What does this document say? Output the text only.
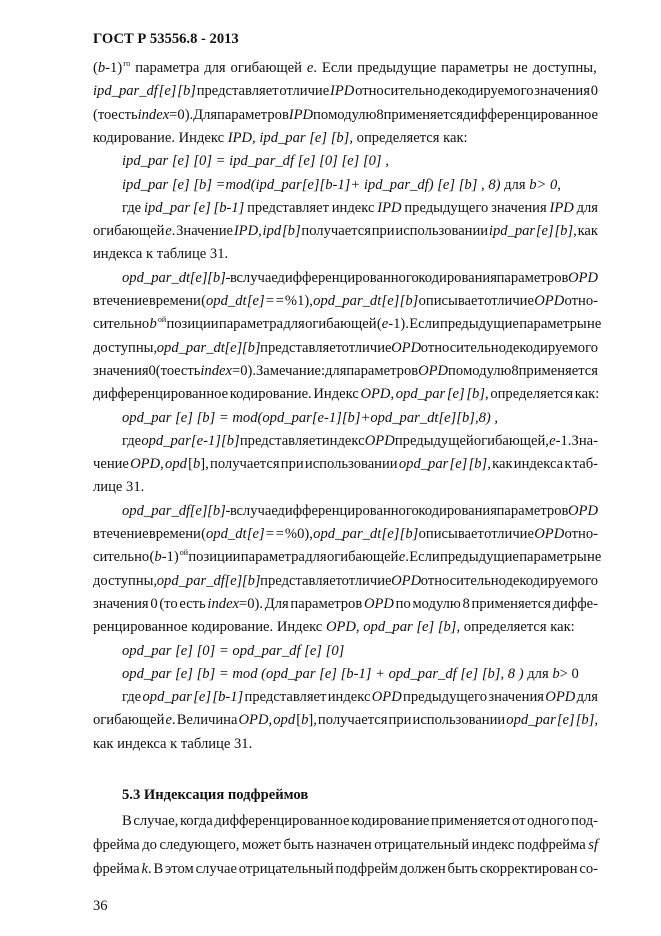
ГОСТ Р 53556.8 - 2013
$(b-1)^{го}$ параметра для огибающей e. Если предыдущие параметры не доступны,
ipd_par_df [e] [b] представляет отличие IPD относительно декодируемого значения 0
(то есть index=0). Для параметров IPD по модулю 8 применяется дифференцированное
кодирование. Индекс IPD, ipd_par [e] [b], определяется как:
ipd_par [e] [0] = ipd_par_df [e] [0] [e] [0] ,
ipd_par [e] [b] =mod(ipd_par[e][b-1]+ ipd_par_df) [e] [b] , 8) для b> 0,
где ipd_par [e] [b-1] представляет индекс IPD предыдущего значения IPD для
огибающей e. Значение IPD, ipd [b] получается при использовании ipd_par [e] [b], как
индекса к таблице 31.
opd_par_dt [e] [b] - в случае дифференцированного кодирования параметров OPD
в течение времени (opd_dt [e] == %1), opd_par_dt [e] [b] описывает отличие OPD отно-
сительно $b^{ой}$ позиции параметра для огибающей (e-1). Если предыдущие параметры не
доступны, opd_par_dt [e] [b] представляет отличие OPD относительно декодируемого
значения 0 (то есть index=0). Замечание: для параметров OPD по модулю 8 применяется
дифференцированное кодирование. Индекс OPD, opd_par [e] [b], определяется как:
opd_par [e] [b] = mod(opd_par[e-1][b]+opd_par_dt[e][b],8) ,
где opd_par [e-1] [b] представляет индекс OPD предыдущей огибающей, e-1. Зна-
чение OPD, opd [b], получается при использовании opd_par [e] [b], как индекса к таб-
лице 31.
opd_par_df [e] [b] - в случае дифференцированного кодирования параметров OPD
в течение времени (opd_dt [e] == %0), opd_par_dt [e] [b] описывает отличие OPD отно-
сительно $(b-1)^{ой}$ позиции параметра для огибающей e. Если предыдущие параметры не
доступны, opd_par_df [e] [b] представляет отличие OPD относительно декодируемого
значения 0 (то есть index=0). Для параметров OPD по модулю 8 применяется диффе-
ренцированное кодирование. Индекс OPD, opd_par [e] [b], определяется как:
opd_par [e] [0] = opd_par_df [e] [0]
opd_par [e] [b] = mod (opd_par [e] [b-1] + opd_par_df [e] [b], 8 ) для b> 0
где opd_par [e] [b-1] представляет индекс OPD предыдущего значения OPD для
огибающей e. Величина OPD, opd [b], получается при использовании opd_par [e] [b],
как индекса к таблице 31.
5.3 Индексация подфреймов
В случае, когда дифференцированное кодирование применяется от одного под-
фрейма до следующего, может быть назначен отрицательный индекс подфрейма sf
фрейма k. В этом случае отрицательный подфрейм должен быть скорректирован со-
36
